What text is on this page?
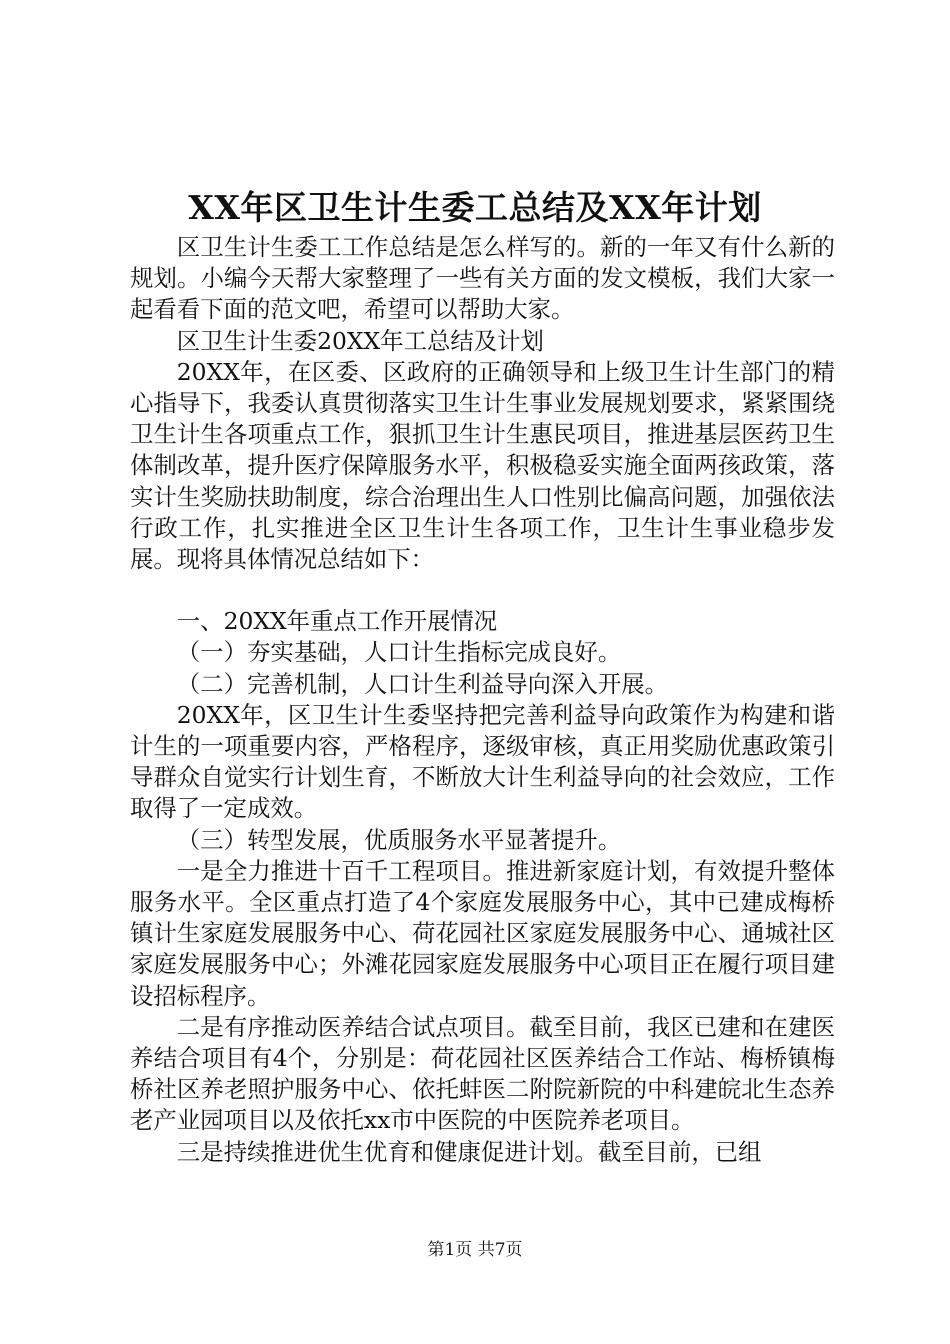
XX年区卫生计生委工总结及XX年计划

区卫生计生委工工作总结是怎么样写的。新的一年又有什么新的规划。小编今天帮大家整理了一些有关方面的发文模板，我们大家一起看看下面的范文吧，希望可以帮助大家。

区卫生计生委20XX年工总结及计划

20XX年，在区委、区政府的正确领导和上级卫生计生部门的精心指导下，我委认真贯彻落实卫生计生事业发展规划要求，紧紧围绕卫生计生各项重点工作，狠抓卫生计生惠民项目，推进基层医药卫生体制改革，提升医疗保障服务水平，积极稳妥实施全面两孩政策，落实计生奖励扶助制度，综合治理出生人口性别比偏高问题，加强依法行政工作，扎实推进全区卫生计生各项工作，卫生计生事业稳步发展。现将具体情况总结如下：

一、20XX年重点工作开展情况

（一）夯实基础，人口计生指标完成良好。

（二）完善机制，人口计生利益导向深入开展。

20XX年，区卫生计生委坚持把完善利益导向政策作为构建和谐计生的一项重要内容，严格程序，逐级审核，真正用奖励优惠政策引导群众自觉实行计划生育，不断放大计生利益导向的社会效应，工作取得了一定成效。

（三）转型发展，优质服务水平显著提升。

一是全力推进十百千工程项目。推进新家庭计划，有效提升整体服务水平。全区重点打造了4个家庭发展服务中心，其中已建成梅桥镇计生家庭发展服务中心、荷花园社区家庭发展服务中心、通城社区家庭发展服务中心；外滩花园家庭发展服务中心项目正在履行项目建设招标程序。

二是有序推动医养结合试点项目。截至目前，我区已建和在建医养结合项目有4个，分别是：荷花园社区医养结合工作站、梅桥镇梅桥社区养老照护服务中心、依托蚌医二附院新院的中科建皖北生态养老产业园项目以及依托xx市中医院的中医院养老项目。

三是持续推进优生优育和健康促进计划。截至目前，已组

第1页 共7页
